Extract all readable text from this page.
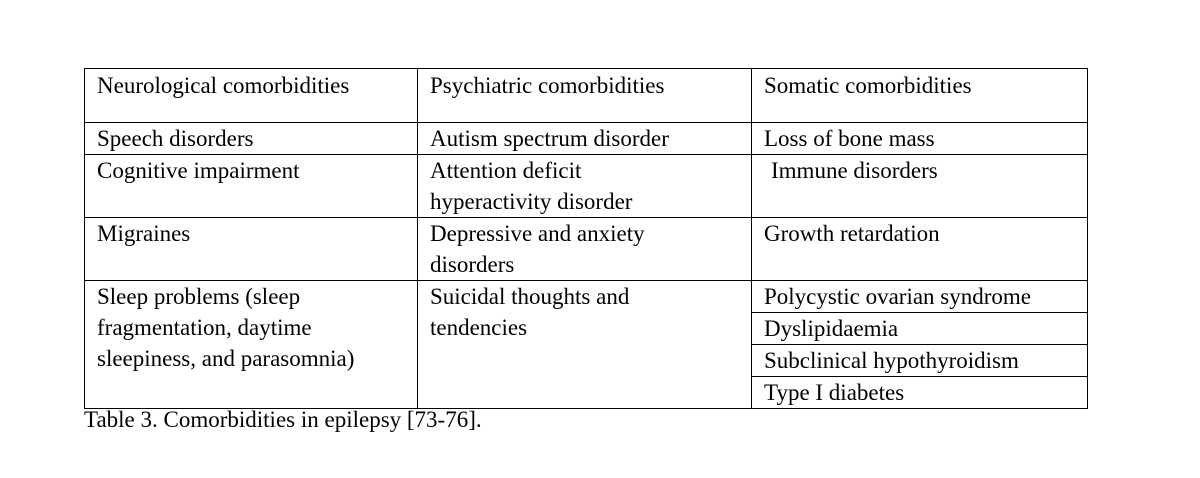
Neurological comorbidities	Psychiatric comorbidities	Somatic comorbidities
Speech disorders	Autism spectrum disorder	Loss of bone mass
Cognitive impairment	Attention deficit hyperactivity disorder	Immune disorders
Migraines	Depressive and anxiety disorders	Growth retardation
Sleep problems (sleep fragmentation, daytime sleepiness, and parasomnia)	Suicidal thoughts and tendencies	Polycystic ovarian syndrome
		Dyslipidaemia
		Subclinical hypothyroidism
		Type I diabetes
Table 3. Comorbidities in epilepsy [73-76].
